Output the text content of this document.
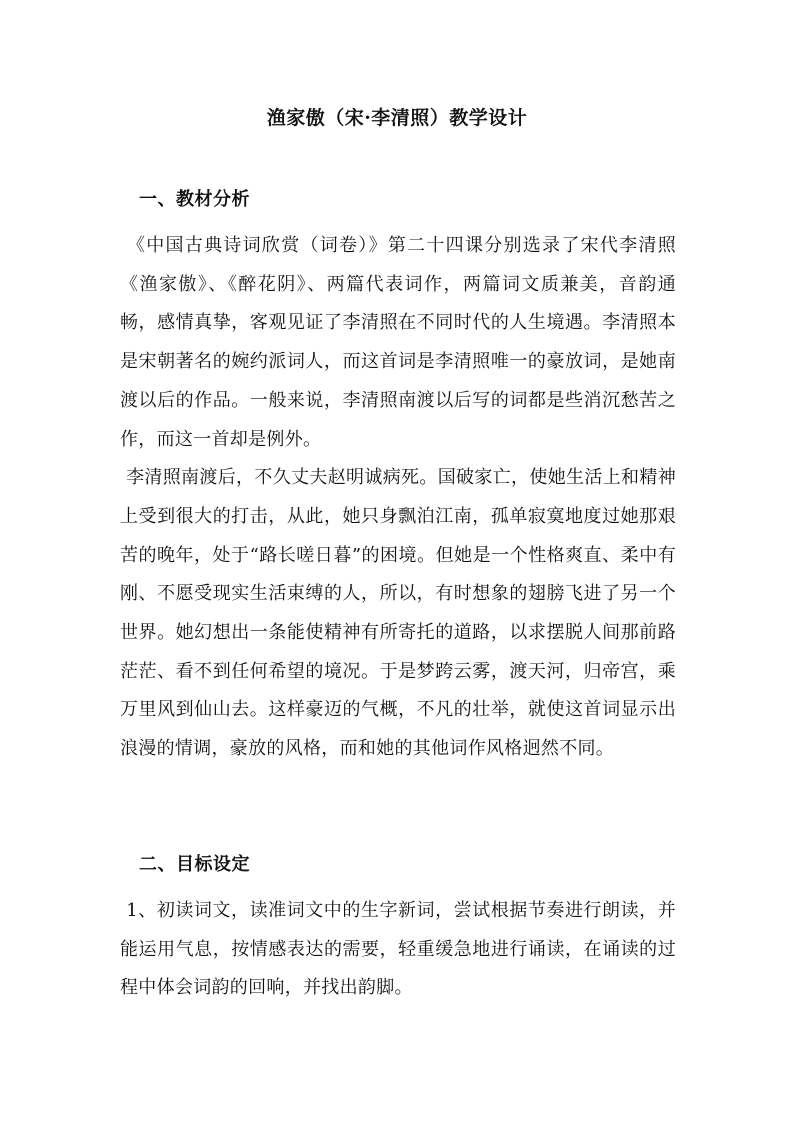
渔家傲（宋·李清照）教学设计
一、教材分析

《中国古典诗词欣赏（词卷）》第二十四课分别选录了宋代李清照《渔家傲》、《醉花阴》、两篇代表词作，两篇词文质兼美，音韵通畅，感情真挚，客观见证了李清照在不同时代的人生境遇。李清照本是宋朝著名的婉约派词人，而这首词是李清照唯一的豪放词，是她南渡以后的作品。一般来说，李清照南渡以后写的词都是些消沉愁苦之作，而这一首却是例外。

李清照南渡后，不久丈夫赵明诚病死。国破家亡，使她生活上和精神上受到很大的打击，从此，她只身飘泊江南，孤单寂寞地度过她那艰苦的晚年，处于“路长嗟日暮”的困境。但她是一个性格爽直、柔中有刚、不愿受现实生活束缚的人，所以，有时想象的翅膀飞进了另一个世界。她幻想出一条能使精神有所寄托的道路，以求摆脱人间那前路茫茫、看不到任何希望的境况。于是梦跨云雾，渡天河，归帝宫，乘万里风到仙山去。这样豪迈的气概，不凡的壮举，就使这首词显示出浪漫的情调，豪放的风格，而和她的其他词作风格迥然不同。

二、目标设定

1、初读词文，读准词文中的生字新词，尝试根据节奏进行朗读，并能运用气息，按情感表达的需要，轻重缓急地进行诵读，在诵读的过程中体会词韵的回响，并找出韵脚。
